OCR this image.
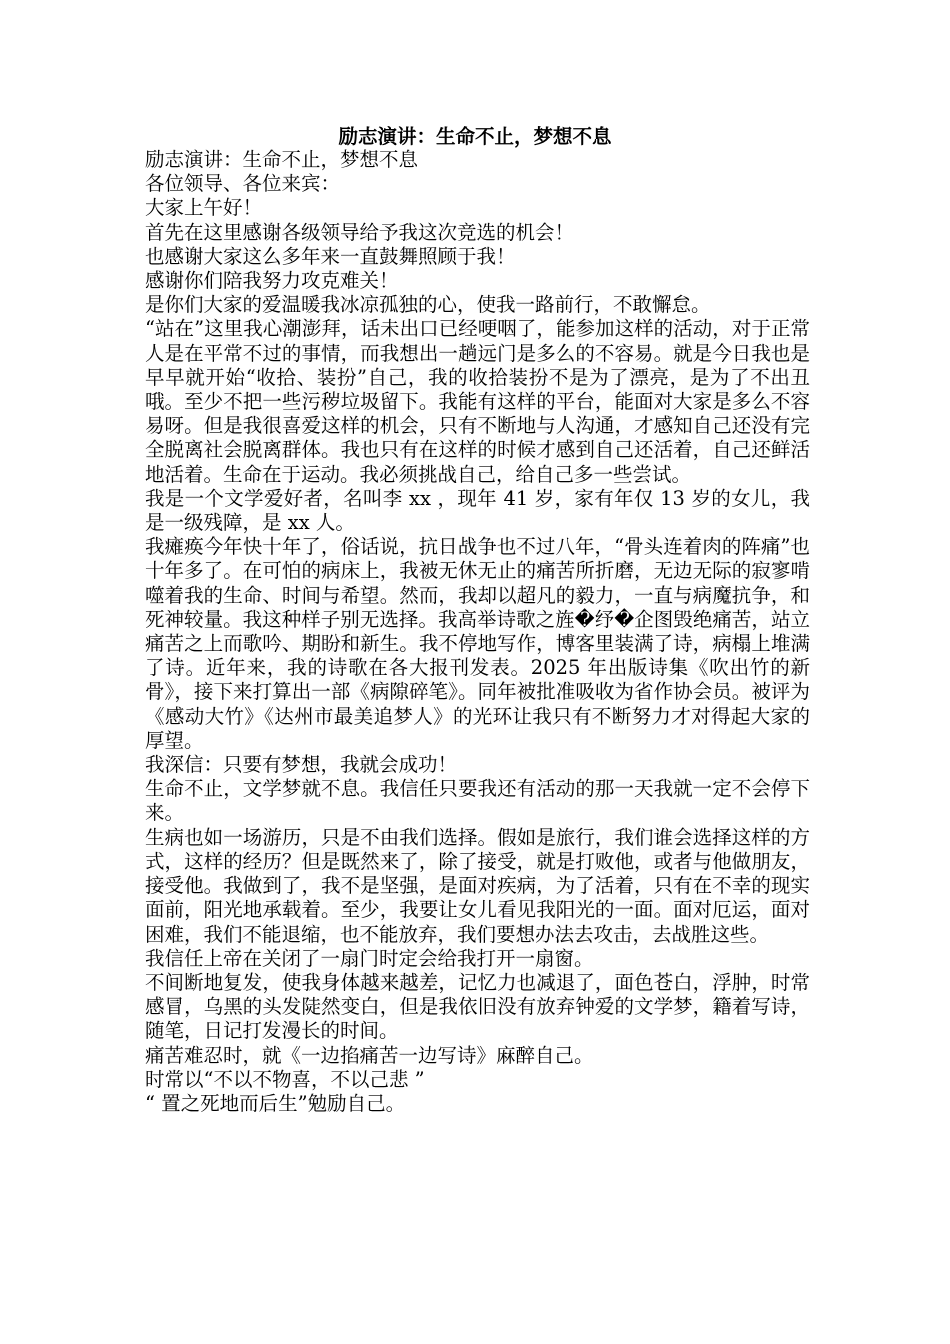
励志演讲：生命不止，梦想不息

励志演讲：生命不止，梦想不息

各位领导、各位来宾：

大家上午好！

首先在这里感谢各级领导给予我这次竞选的机会！

也感谢大家这么多年来一直鼓舞照顾于我！

感谢你们陪我努力攻克难关！

是你们大家的爱温暖我冰凉孤独的心，使我一路前行，不敢懈怠。

“站在”这里我心潮澎拜，话未出口已经哽咽了，能参加这样的活动，对于正常人是在平常不过的事情，而我想出一趟远门是多么的不容易。就是今日我也是早早就开始“收拾、装扮”自己，我的收拾装扮不是为了漂亮，是为了不出丑哦。至少不把一些污秽垃圾留下。我能有这样的平台，能面对大家是多么不容易呀。但是我很喜爱这样的机会，只有不断地与人沟通，才感知自己还没有完全脱离社会脱离群体。我也只有在这样的时候才感到自己还活着，自己还鲜活地活着。生命在于运动。我必须挑战自己，给自己多一些尝试。

我是一个文学爱好者，名叫李 xx ，现年 41 岁，家有年仅 13 岁的女儿，我是一级残障，是 xx 人。

我瘫痪今年快十年了，俗话说，抗日战争也不过八年，“骨头连着肉的阵痛”也十年多了。在可怕的病床上，我被无休无止的痛苦所折磨，无边无际的寂寥啃噬着我的生命、时间与希望。然而，我却以超凡的毅力，一直与病魔抗争，和死神较量。我这种样子别无选择。我高举诗歌之旌�纾�企图毁绝痛苦，站立痛苦之上而歌吟、期盼和新生。我不停地写作，博客里装满了诗，病榻上堆满了诗。近年来，我的诗歌在各大报刊发表。2025 年出版诗集《吹出竹的新骨》，接下来打算出一部《病隙碎笔》。同年被批准吸收为省作协会员。被评为《感动大竹》《达州市最美追梦人》的光环让我只有不断努力才对得起大家的厚望。

我深信：只要有梦想，我就会成功！

生命不止，文学梦就不息。我信任只要我还有活动的那一天我就一定不会停下来。

生病也如一场游历，只是不由我们选择。假如是旅行，我们谁会选择这样的方式，这样的经历？但是既然来了，除了接受，就是打败他，或者与他做朋友，接受他。我做到了，我不是坚强，是面对疾病，为了活着，只有在不幸的现实面前，阳光地承载着。至少，我要让女儿看见我阳光的一面。面对厄运，面对困难，我们不能退缩，也不能放弃，我们要想办法去攻击，去战胜这些。

我信任上帝在关闭了一扇门时定会给我打开一扇窗。

不间断地复发，使我身体越来越差，记忆力也减退了，面色苍白，浮肿，时常感冒，乌黑的头发陡然变白，但是我依旧没有放弃钟爱的文学梦，籍着写诗，随笔，日记打发漫长的时间。

痛苦难忍时，就《一边掐痛苦一边写诗》麻醉自己。

时常以“不以不物喜，不以己悲 ”

“ 置之死地而后生”勉励自己。
